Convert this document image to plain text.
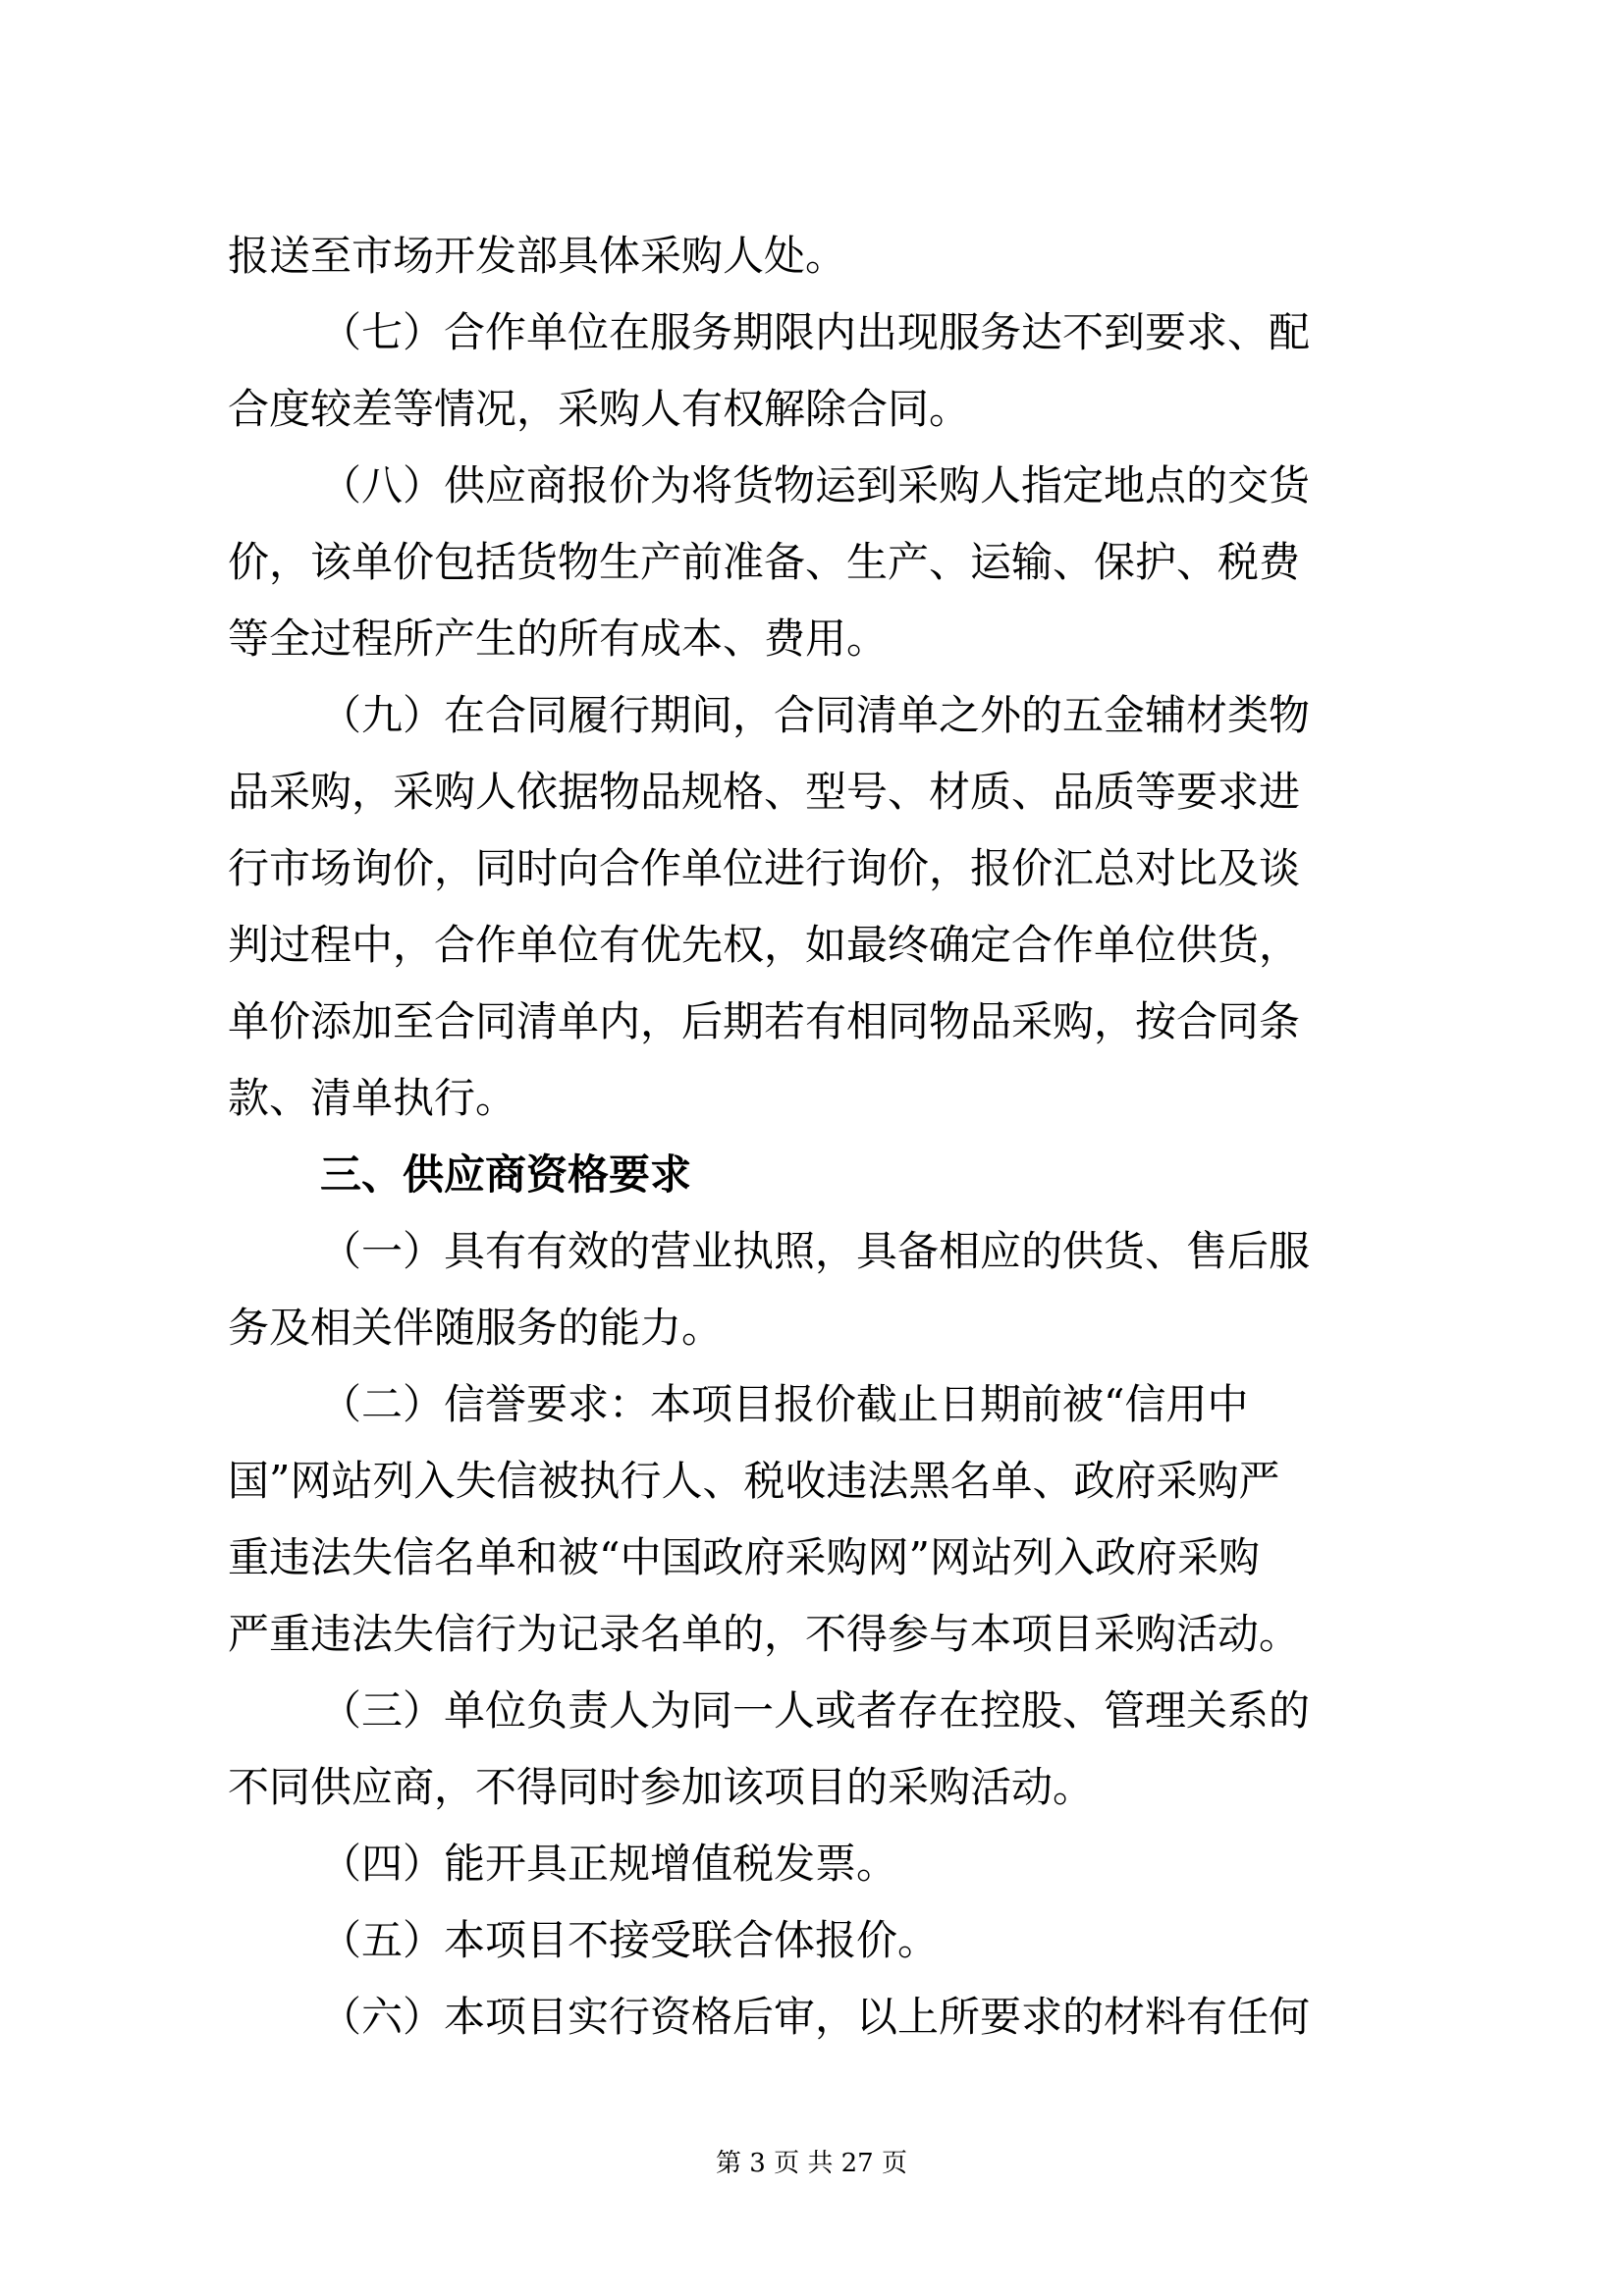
报送至市场开发部具体采购人处。
（七）合作单位在服务期限内出现服务达不到要求、配
合度较差等情况，采购人有权解除合同。
（八）供应商报价为将货物运到采购人指定地点的交货
价，该单价包括货物生产前准备、生产、运输、保护、税费
等全过程所产生的所有成本、费用。
（九）在合同履行期间，合同清单之外的五金辅材类物
品采购，采购人依据物品规格、型号、材质、品质等要求进
行市场询价，同时向合作单位进行询价，报价汇总对比及谈
判过程中，合作单位有优先权，如最终确定合作单位供货，
单价添加至合同清单内，后期若有相同物品采购，按合同条
款、清单执行。
三、供应商资格要求
（一）具有有效的营业执照，具备相应的供货、售后服
务及相关伴随服务的能力。
（二）信誉要求：本项目报价截止日期前被“信用中
国”网站列入失信被执行人、税收违法黑名单、政府采购严
重违法失信名单和被“中国政府采购网”网站列入政府采购
严重违法失信行为记录名单的，不得参与本项目采购活动。
（三）单位负责人为同一人或者存在控股、管理关系的
不同供应商，不得同时参加该项目的采购活动。
（四）能开具正规增值税发票。
（五）本项目不接受联合体报价。
（六）本项目实行资格后审，以上所要求的材料有任何
第 3 页 共 27 页
